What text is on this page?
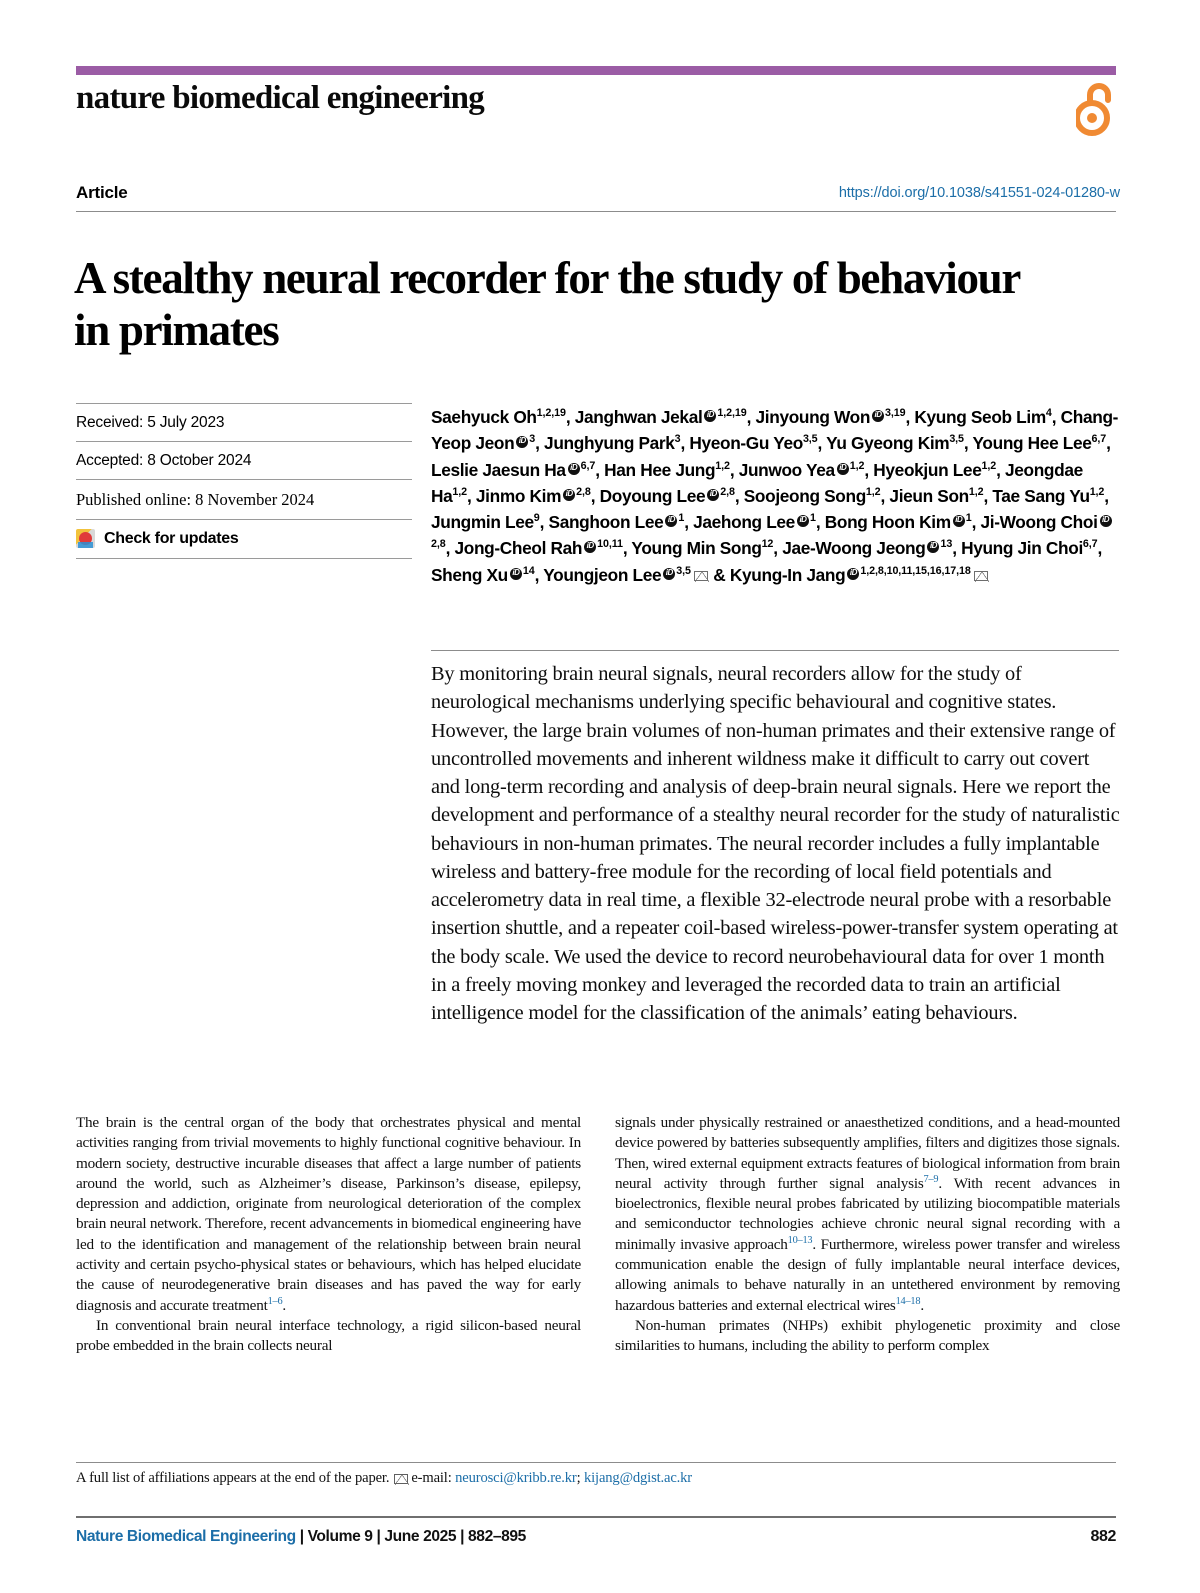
nature biomedical engineering
Article	https://doi.org/10.1038/s41551-024-01280-w
A stealthy neural recorder for the study of behaviour in primates
Received: 5 July 2023
Accepted: 8 October 2024
Published online: 8 November 2024
Check for updates
Saehyuck Oh$^{1,2,19}$, Janghwan Jekal iD $^{1,2,19}$, Jinyoung Won iD $^{3,19}$, Kyung Seob Lim$^4$, Chang-Yeop Jeon iD $^3$, Junghyung Park$^3$, Hyeon-Gu Yeo$^{3,5}$, Yu Gyeong Kim$^{3,5}$, Young Hee Lee$^{6,7}$, Leslie Jaesun Ha iD $^{6,7}$, Han Hee Jung$^{1,2}$, Junwoo YeaiD $^{1,2}$, Hyeokjun Lee$^{1,2}$, Jeongdae Ha$^{1,2}$, Jinmo Kim iD $^{2,8}$, Doyoung Lee iD $^{2,8}$, Soojeong Song$^{1,2}$, Jieun Son$^{1,2}$, Tae Sang Yu$^{1,2}$, Jungmin Lee$^9$, Sanghoon LeeiD $^1$, Jaehong Lee iD $^1$, Bong Hoon Kim iD $^1$, Ji-Woong ChoiiD$^{2,8}$, Jong-Cheol RahiD $^{10,11}$, Young Min Song$^{12}$, Jae-Woong Jeong iD $^{13}$, Hyung Jin Choi$^{6,7}$, Sheng XuiD $^{14}$, Youngjeon Lee iD $^{3,5}$ & Kyung-In Jang iD $^{1,2,8,10,11,15,16,17,18}$
By monitoring brain neural signals, neural recorders allow for the study of neurological mechanisms underlying specific behavioural and cognitive states. However, the large brain volumes of non-human primates and their extensive range of uncontrolled movements and inherent wildness make it difficult to carry out covert and long-term recording and analysis of deep-brain neural signals. Here we report the development and performance of a stealthy neural recorder for the study of naturalistic behaviours in non-human primates. The neural recorder includes a fully implantable wireless and battery-free module for the recording of local field potentials and accelerometry data in real time, a flexible 32-electrode neural probe with a resorbable insertion shuttle, and a repeater coil-based wireless-power-transfer system operating at the body scale. We used the device to record neurobehavioural data for over 1 month in a freely moving monkey and leveraged the recorded data to train an artificial intelligence model for the classification of the animals’ eating behaviours.

The brain is the central organ of the body that orchestrates physical and mental activities ranging from trivial movements to highly functional cognitive behaviour. In modern society, destructive incurable diseases that affect a large number of patients around the world, such as Alzheimer’s disease, Parkinson’s disease, epilepsy, depression and addiction, originate from neurological deterioration of the complex brain neural network. Therefore, recent advancements in biomedical engineering have led to the identification and management of the relationship between brain neural activity and certain psycho-physical states or behaviours, which has helped elucidate the cause of neurodegenerative brain diseases and has paved the way for early diagnosis and accurate treatment$^{1-6}$.

In conventional brain neural interface technology, a rigid silicon-based neural probe embedded in the brain collects neural

signals under physically restrained or anaesthetized conditions, and a head-mounted device powered by batteries subsequently amplifies, filters and digitizes those signals. Then, wired external equipment extracts features of biological information from brain neural activity through further signal analysis$^{7-9}$. With recent advances in bioelectronics, flexible neural probes fabricated by utilizing biocompatible materials and semiconductor technologies achieve chronic neural signal recording with a minimally invasive approach$^{10-13}$. Furthermore, wireless power transfer and wireless communication enable the design of fully implantable neural interface devices, allowing animals to behave naturally in an untethered environment by removing hazardous batteries and external electrical wires$^{14-18}$.

Non-human primates (NHPs) exhibit phylogenetic proximity and close similarities to humans, including the ability to perform complex

A full list of affiliations appears at the end of the paper. e-mail:
neurosci@kribb.re.kr ;
kijang@dgist.ac.kr
Nature Biomedical Engineering | Volume 9 | June 2025 | 882–895	882
